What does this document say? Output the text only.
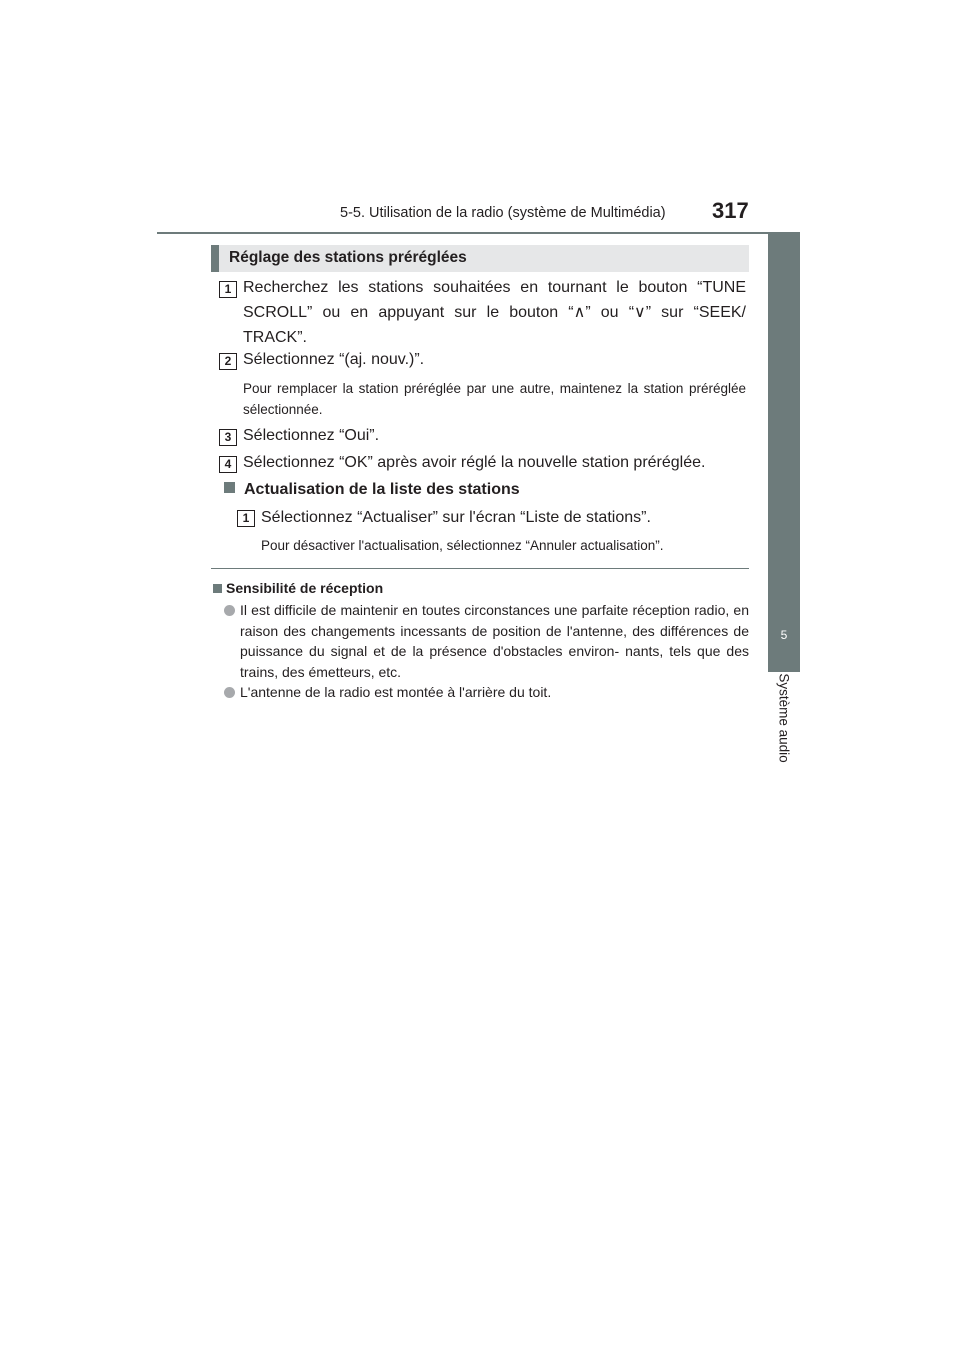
5-5. Utilisation de la radio (système de Multimédia) 317
5
Système audio
Réglage des stations préréglées
1 Recherchez les stations souhaitées en tournant le bouton “TUNE SCROLL” ou en appuyant sur le bouton “∧” ou “∨” sur “SEEK/ TRACK”.
2 Sélectionnez “(aj. nouv.)”.
Pour remplacer la station préréglée par une autre, maintenez la station préréglée sélectionnée.
3 Sélectionnez “Oui”.
4 Sélectionnez “OK” après avoir réglé la nouvelle station préréglée.
Actualisation de la liste des stations
1 Sélectionnez “Actualiser” sur l'écran “Liste de stations”.
Pour désactiver l'actualisation, sélectionnez “Annuler actualisation”.
Sensibilité de réception
Il est difficile de maintenir en toutes circonstances une parfaite réception radio, en raison des changements incessants de position de l'antenne, des différences de puissance du signal et de la présence d'obstacles environ- nants, tels que des trains, des émetteurs, etc.
L'antenne de la radio est montée à l'arrière du toit.
